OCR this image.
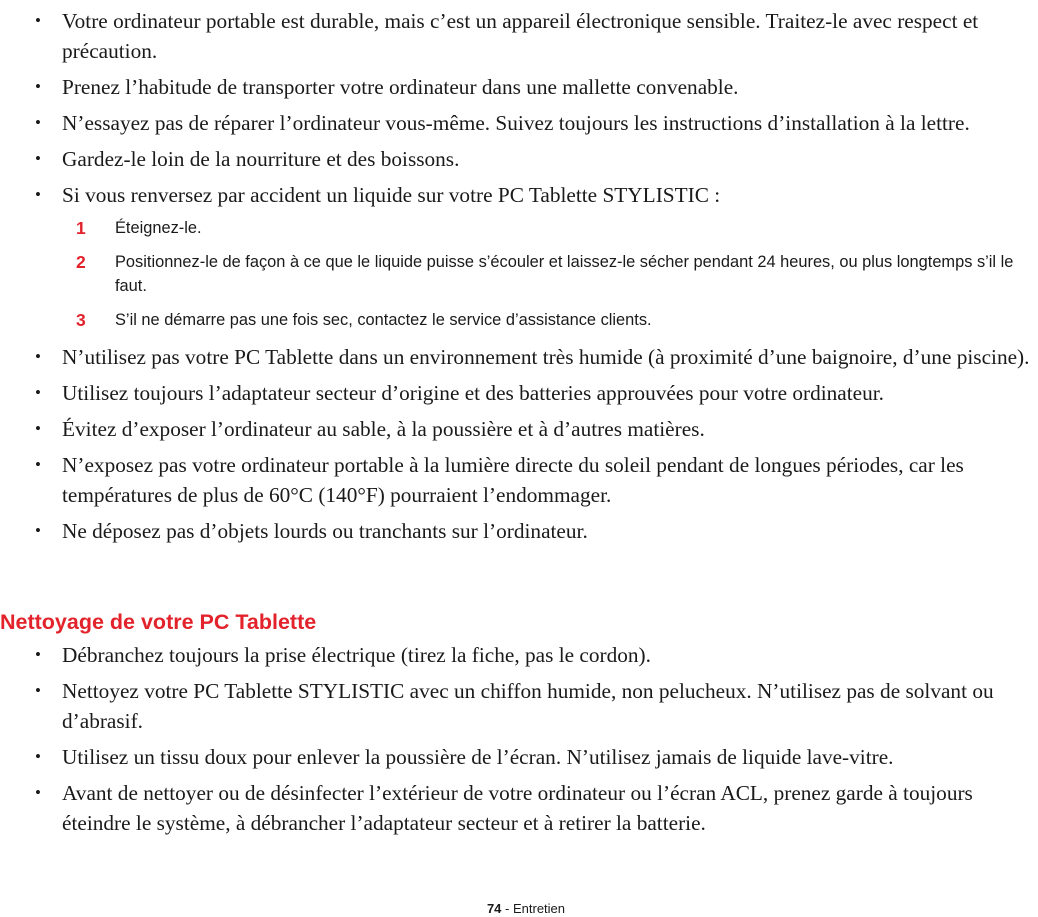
• Votre ordinateur portable est durable, mais c’est un appareil électronique sensible. Traitez-le avec respect et précaution.
• Prenez l’habitude de transporter votre ordinateur dans une mallette convenable.
• N’essayez pas de réparer l’ordinateur vous-même. Suivez toujours les instructions d’installation à la lettre.
• Gardez-le loin de la nourriture et des boissons.
• Si vous renversez par accident un liquide sur votre PC Tablette STYLISTIC :
1 Éteignez-le.
2 Positionnez-le de façon à ce que le liquide puisse s’écouler et laissez-le sécher pendant 24 heures, ou plus longtemps s’il le faut.
3 S’il ne démarre pas une fois sec, contactez le service d’assistance clients.
• N’utilisez pas votre PC Tablette dans un environnement très humide (à proximité d’une baignoire, d’une piscine).
• Utilisez toujours l’adaptateur secteur d’origine et des batteries approuvées pour votre ordinateur.
• Évitez d’exposer l’ordinateur au sable, à la poussière et à d’autres matières.
• N’exposez pas votre ordinateur portable à la lumière directe du soleil pendant de longues périodes, car les températures de plus de 60°C (140°F) pourraient l’endommager.
• Ne déposez pas d’objets lourds ou tranchants sur l’ordinateur.
Nettoyage de votre PC Tablette
• Débranchez toujours la prise électrique (tirez la fiche, pas le cordon).
• Nettoyez votre PC Tablette STYLISTIC avec un chiffon humide, non pelucheux. N’utilisez pas de solvant ou d’abrasif.
• Utilisez un tissu doux pour enlever la poussière de l’écran. N’utilisez jamais de liquide lave-vitre.
• Avant de nettoyer ou de désinfecter l’extérieur de votre ordinateur ou l’écran ACL, prenez garde à toujours éteindre le système, à débrancher l’adaptateur secteur et à retirer la batterie.
74 - Entretien
